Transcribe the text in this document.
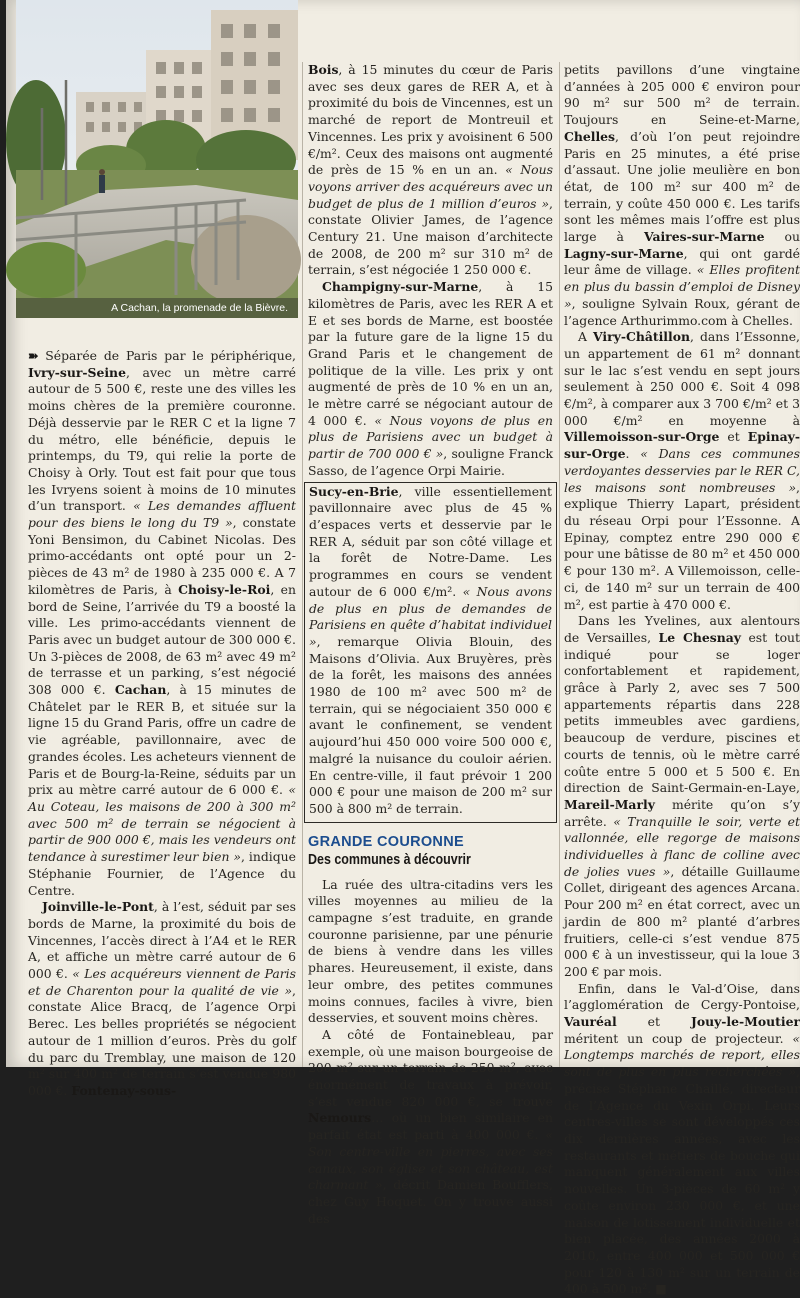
A Cachan, la promenade de la Bièvre.

➽ Séparée de Paris par le périphérique, Ivry-sur-Seine, avec un mètre carré autour de 5 500 €, reste une des villes les moins chères de la première couronne. Déjà desservie par le RER C et la ligne 7 du métro, elle bénéficie, depuis le printemps, du T9, qui relie la porte de Choisy à Orly. Tout est fait pour que tous les Ivryens soient à moins de 10 minutes d’un transport. « Les demandes affluent pour des biens le long du T9 », constate Yoni Bensimon, du Cabinet Nicolas. Des primo-accédants ont opté pour un 2-pièces de 43 m² de 1980 à 235 000 €. A 7 kilomètres de Paris, à Choisy-le-Roi, en bord de Seine, l’arrivée du T9 a boosté la ville. Les primo-accédants viennent de Paris avec un budget autour de 300 000 €. Un 3-pièces de 2008, de 63 m² avec 49 m² de terrasse et un parking, s’est négocié 308 000 €. Cachan, à 15 minutes de Châtelet par le RER B, et située sur la ligne 15 du Grand Paris, offre un cadre de vie agréable, pavillonnaire, avec de grandes écoles. Les acheteurs viennent de Paris et de Bourg-la-Reine, séduits par un prix au mètre carré autour de 6 000 €. « Au Coteau, les maisons de 200 à 300 m² avec 500 m² de terrain se négocient à partir de 900 000 €, mais les vendeurs ont tendance à surestimer leur bien », indique Stéphanie Fournier, de l’Agence du Centre.

Joinville-le-Pont, à l’est, séduit par ses bords de Marne, la proximité du bois de Vincennes, l’accès direct à l’A4 et le RER A, et affiche un mètre carré autour de 6 000 €. « Les acquéreurs viennent de Paris et de Charenton pour la qualité de vie », constate Alice Bracq, de l’agence Orpi Berec. Les belles propriétés se négocient autour de 1 million d’euros. Près du golf du parc du Tremblay, une maison de 120 m² sur 400 m² de terrain s’est vendue 980 000 €. Fontenay-sous-

Bois, à 15 minutes du cœur de Paris avec ses deux gares de RER A, et à proximité du bois de Vincennes, est un marché de report de Montreuil et Vincennes. Les prix y avoisinent 6 500 €/m². Ceux des maisons ont augmenté de près de 15 % en un an. « Nous voyons arriver des acquéreurs avec un budget de plus de 1 million d’euros », constate Olivier James, de l’agence Century 21. Une maison d’architecte de 2008, de 200 m² sur 310 m² de terrain, s’est négociée 1 250 000 €.

Champigny-sur-Marne, à 15 kilomètres de Paris, avec les RER A et E et ses bords de Marne, est boostée par la future gare de la ligne 15 du Grand Paris et le changement de politique de la ville. Les prix y ont augmenté de près de 10 % en un an, le mètre carré se négociant autour de 4 000 €. « Nous voyons de plus en plus de Parisiens avec un budget à partir de 700 000 € », souligne Franck Sasso, de l’agence Orpi Mairie.

Sucy-en-Brie, ville essentiellement pavillonnaire avec plus de 45 % d’espaces verts et desservie par le RER A, séduit par son côté village et la forêt de Notre-Dame. Les programmes en cours se vendent autour de 6 000 €/m². « Nous avons de plus en plus de demandes de Parisiens en quête d’habitat individuel », remarque Olivia Blouin, des Maisons d’Olivia. Aux Bruyères, près de la forêt, les maisons des années 1980 de 100 m² avec 500 m² de terrain, qui se négociaient 350 000 € avant le confinement, se vendent aujourd’hui 450 000 voire 500 000 €, malgré la nuisance du couloir aérien. En centre-ville, il faut prévoir 1 200 000 € pour une maison de 200 m² sur 500 à 800 m² de terrain.

GRANDE COURONNE
Des communes à découvrir

La ruée des ultra-citadins vers les villes moyennes au milieu de la campagne s’est traduite, en grande couronne parisienne, par une pénurie de biens à vendre dans les villes phares. Heureusement, il existe, dans leur ombre, des petites communes moins connues, faciles à vivre, bien desservies, et souvent moins chères.

A côté de Fontainebleau, par exemple, où une maison bourgeoise de 200 m² sur un terrain de 250 m², avec énormément de travaux à prévoir, s’est vendue 820 000 €, se trouve Nemours… où un bien similaire en parfait état est parti à 400 000 €. « Son centre-ville en pierres, avec ses canaux, son église et son château, est charmant », décrit Damien Boufflers, chez Guy Hoquet. On y trouve aussi des

petits pavillons d’une vingtaine d’années à 205 000 € environ pour 90 m² sur 500 m² de terrain. Toujours en Seine-et-Marne, Chelles, d’où l’on peut rejoindre Paris en 25 minutes, a été prise d’assaut. Une jolie meulière en bon état, de 100 m² sur 400 m² de terrain, y coûte 450 000 €. Les tarifs sont les mêmes mais l’offre est plus large à Vaires-sur-Marne ou Lagny-sur-Marne, qui ont gardé leur âme de village. « Elles profitent en plus du bassin d’emploi de Disney », souligne Sylvain Roux, gérant de l’agence Arthurimmo.com à Chelles.

A Viry-Châtillon, dans l’Essonne, un appartement de 61 m² donnant sur le lac s’est vendu en sept jours seulement à 250 000 €. Soit 4 098 €/m², à comparer aux 3 700 €/m² et 3 000 €/m² en moyenne à Villemoisson-sur-Orge et Epinay-sur-Orge. « Dans ces communes verdoyantes desservies par le RER C, les maisons sont nombreuses », explique Thierry Lapart, président du réseau Orpi pour l’Essonne. A Epinay, comptez entre 290 000 € pour une bâtisse de 80 m² et 450 000 € pour 130 m². A Villemoisson, celle-ci, de 140 m² sur un terrain de 400 m², est partie à 470 000 €.

Dans les Yvelines, aux alentours de Versailles, Le Chesnay est tout indiqué pour se loger confortablement et rapidement, grâce à Parly 2, avec ses 7 500 appartements répartis dans 228 petits immeubles avec gardiens, beaucoup de verdure, piscines et courts de tennis, où le mètre carré coûte entre 5 000 et 5 500 €. En direction de Saint-Germain-en-Laye, Mareil-Marly mérite qu’on s’y arrête. « Tranquille le soir, verte et vallonnée, elle regorge de maisons individuelles à flanc de colline avec de jolies vues », détaille Guillaume Collet, dirigeant des agences Arcana. Pour 200 m² en état correct, avec un jardin de 800 m² planté d’arbres fruitiers, celle-ci s’est vendue 875 000 € à un investisseur, qui la loue 3 200 € par mois.

Enfin, dans le Val-d’Oise, dans l’agglomération de Cergy-Pontoise, Vauréal et Jouy-le-Moutier méritent un coup de projecteur. « Longtemps marchés de report, elles sont de plus en plus recherchées », précise Stéphane Chaillé, directeur de l’Agence du Vexin Orpi. Leurs centres-villes se sont développés ces dix dernières années, avec les restaurants et métiers de bouche qui manquent généralement aux villes nouvelles. Un 3-pièces de 60 m² y coûte environ 230 000 €, et une maison de lotissement individuelle et bien placée, des années 2000 à 2010, entre 400 000 et 500 000 € pour 120 à 130 m² sur un terrain de 400 à 500 m². ■
